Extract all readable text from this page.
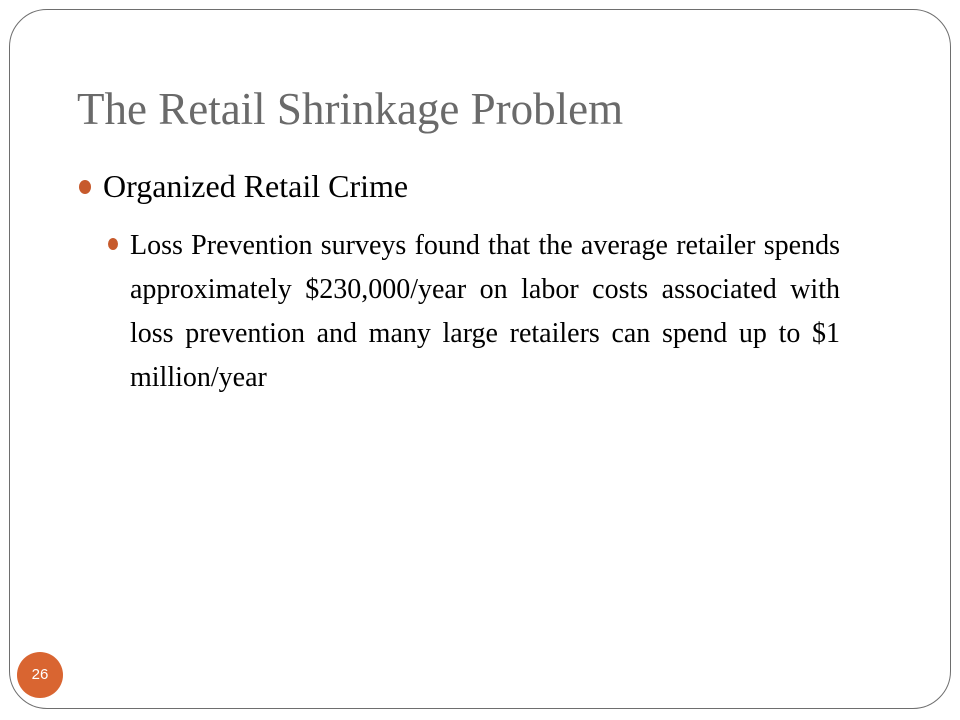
The Retail Shrinkage Problem
Organized Retail Crime
Loss Prevention surveys found that the average retailer spends approximately $230,000/year on labor costs associated with loss prevention and many large retailers can spend up to $1 million/year
26
